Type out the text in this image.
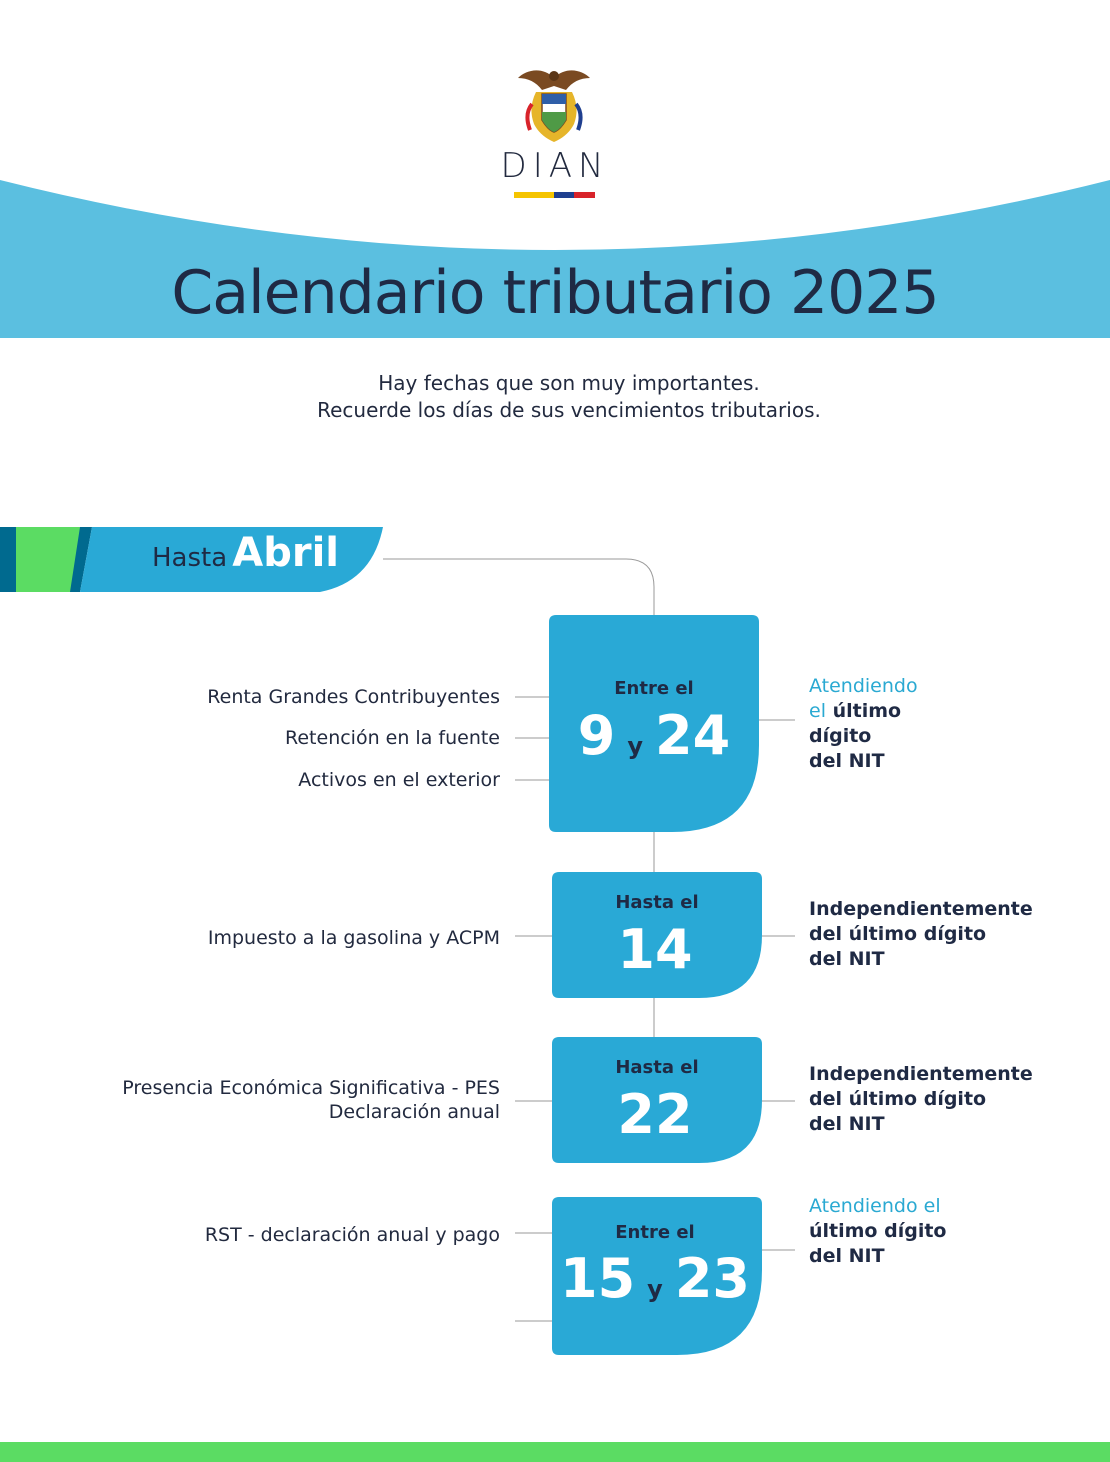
DIAN
Calendario tributario 2025
Hay fechas que son muy importantes.
Recuerde los días de sus vencimientos tributarios.
Hasta Abril
Renta Grandes Contribuyentes
Retención en la fuente
Activos en el exterior
Entre el
9 y 24
Atendiendo
el último
dígito
del NIT
Impuesto a la gasolina y ACPM
Hasta el
14
Independientemente
del último dígito
del NIT
Presencia Económica Significativa - PES
Declaración anual
Hasta el
22
Independientemente
del último dígito
del NIT
RST - declaración anual y pago	Entre el
15 y 23
Atendiendo el
último dígito
del NIT
